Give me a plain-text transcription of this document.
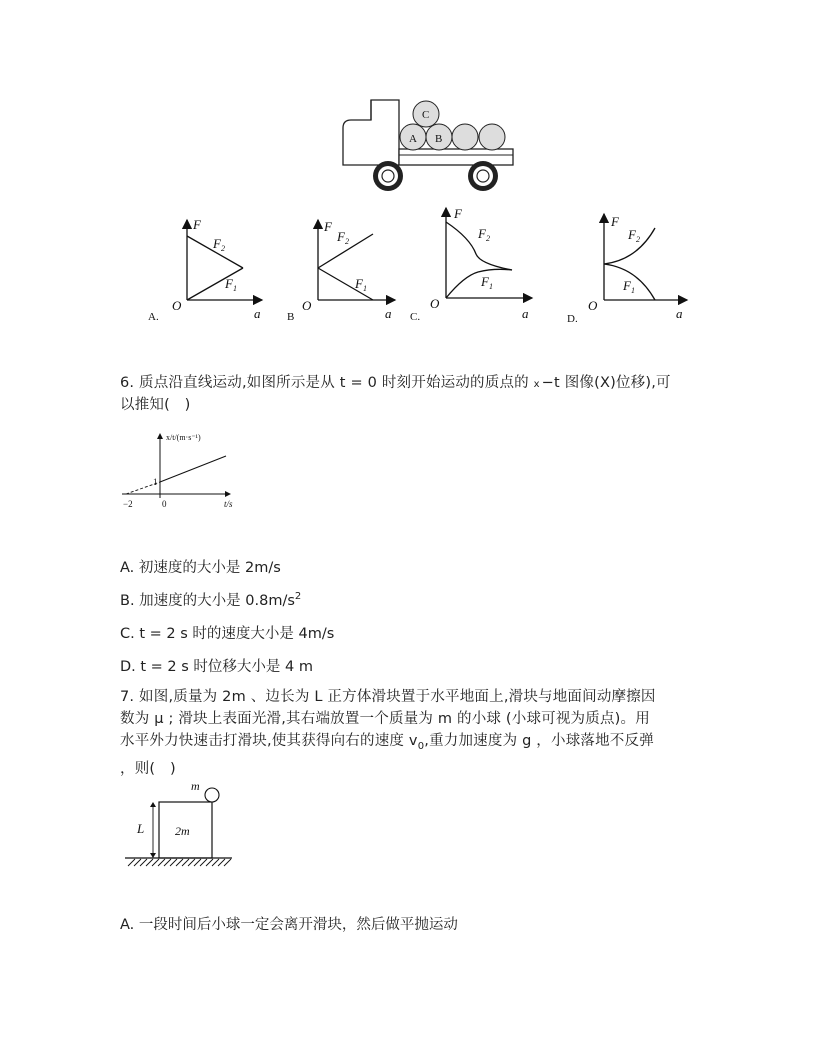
A B
C
F
F 2
F 1
O
a
A.
F
F 2
F 1
O
a
B
F
F 2
F 1
O
a
C.
F
F 2
F 1
O
a
D.
6. 质点沿直线运动,如图所示是从 t = 0 时刻开始运动的质点的 x −t 图像(X)位移),可
以推知(　)
x/t/(m·s⁻¹)
1
−2	0	t/s
A. 初速度的大小是 2m/s
B. 加速度的大小是 $0.8m/s^2$
C. t = 2 s 时的速度大小是 4m/s
D. t = 2 s 时位移大小是 4 m
7. 如图,质量为 2m 、边长为 L 正方体滑块置于水平地面上,滑块与地面间动摩擦因
数为 μ ; 滑块上表面光滑,其右端放置一个质量为 m 的小球 (小球可视为质点)。用
水平外力快速击打滑块,使其获得向右的速度 $v_0$,重力加速度为 g ，小球落地不反弹
，则(　)
L	2m
m
A. 一段时间后小球一定会离开滑块，然后做平抛运动
